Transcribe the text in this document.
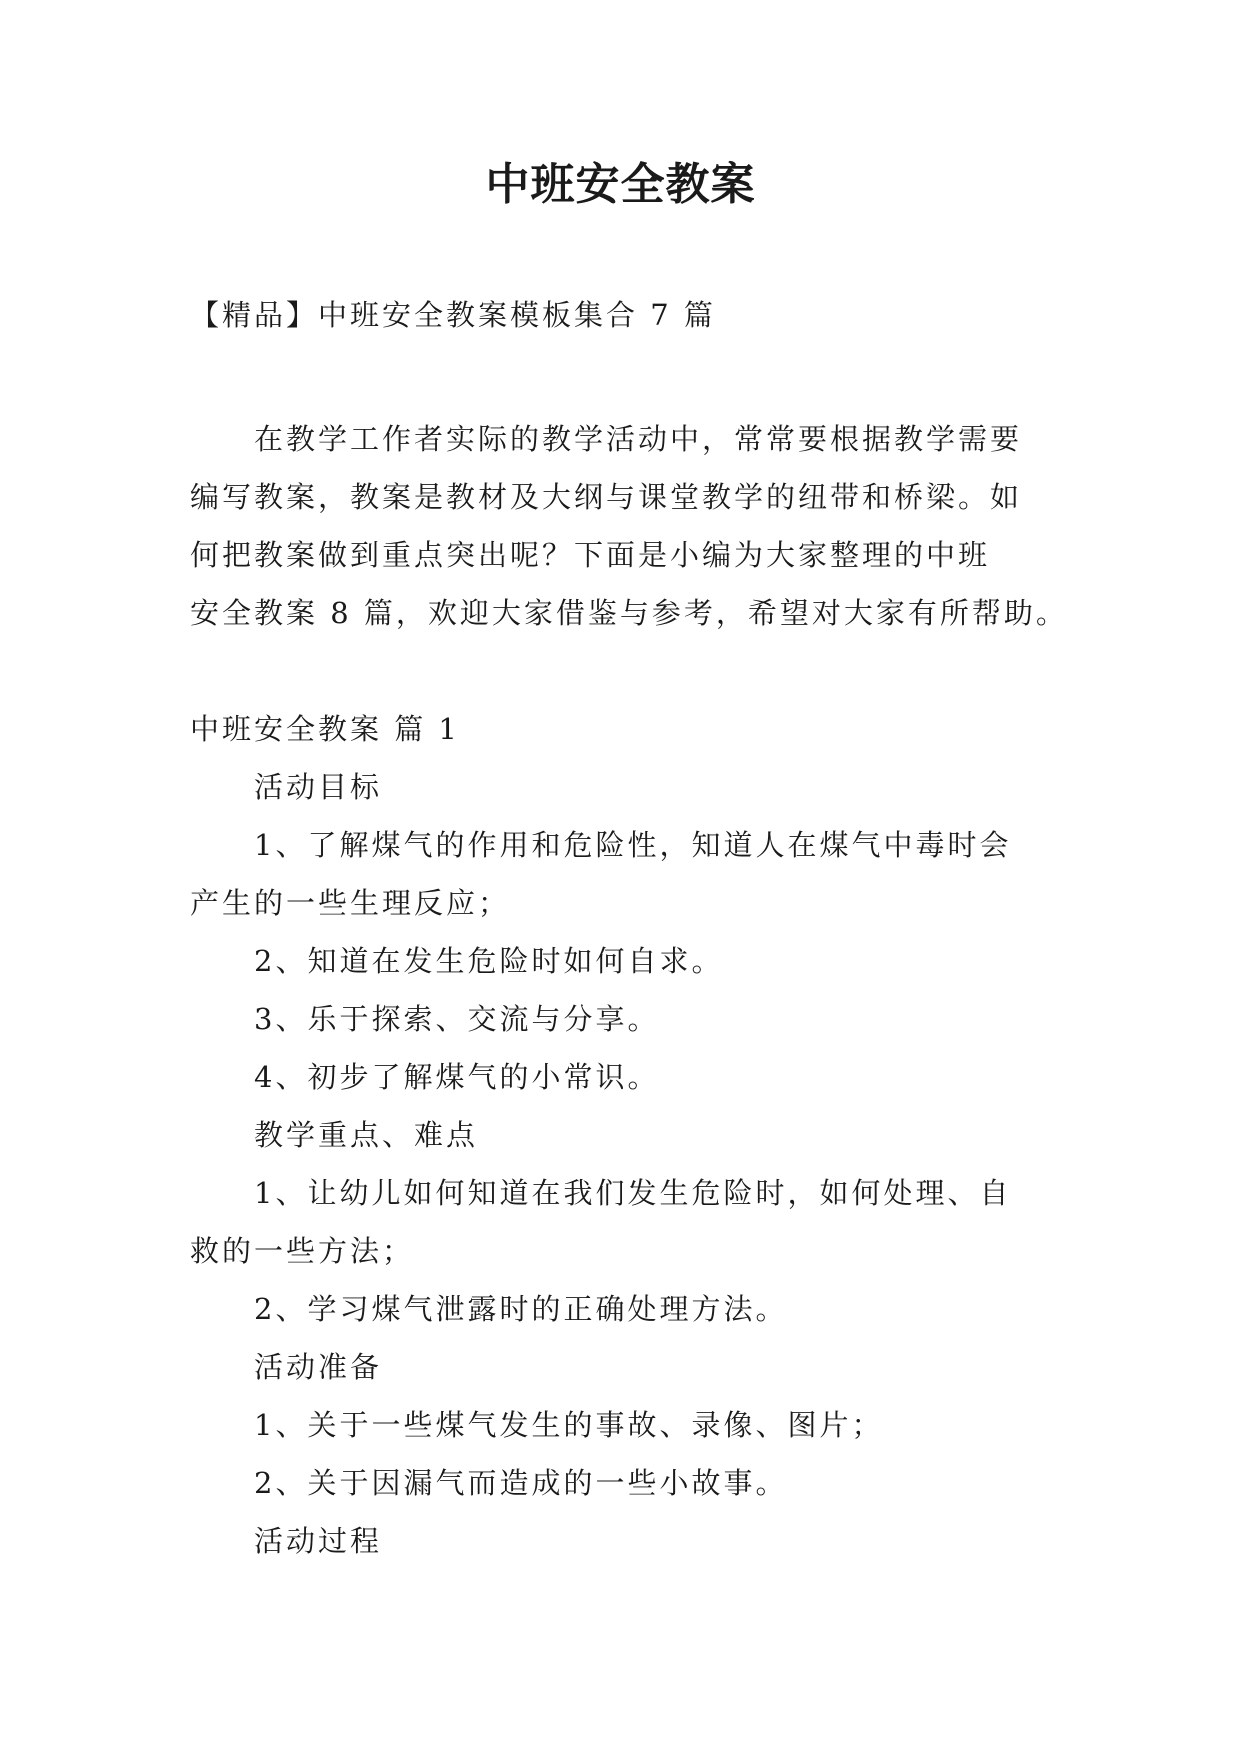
中班安全教案
【精品】中班安全教案模板集合 7 篇
在教学工作者实际的教学活动中，常常要根据教学需要
编写教案，教案是教材及大纲与课堂教学的纽带和桥梁。如
何把教案做到重点突出呢？下面是小编为大家整理的中班
安全教案 8 篇，欢迎大家借鉴与参考，希望对大家有所帮助。
中班安全教案 篇 1
活动目标
1、了解煤气的作用和危险性，知道人在煤气中毒时会
产生的一些生理反应；
2、知道在发生危险时如何自求。
3、乐于探索、交流与分享。
4、初步了解煤气的小常识。
教学重点、难点
1、让幼儿如何知道在我们发生危险时，如何处理、自
救的一些方法；
2、学习煤气泄露时的正确处理方法。
活动准备
1、关于一些煤气发生的事故、录像、图片；
2、关于因漏气而造成的一些小故事。
活动过程
